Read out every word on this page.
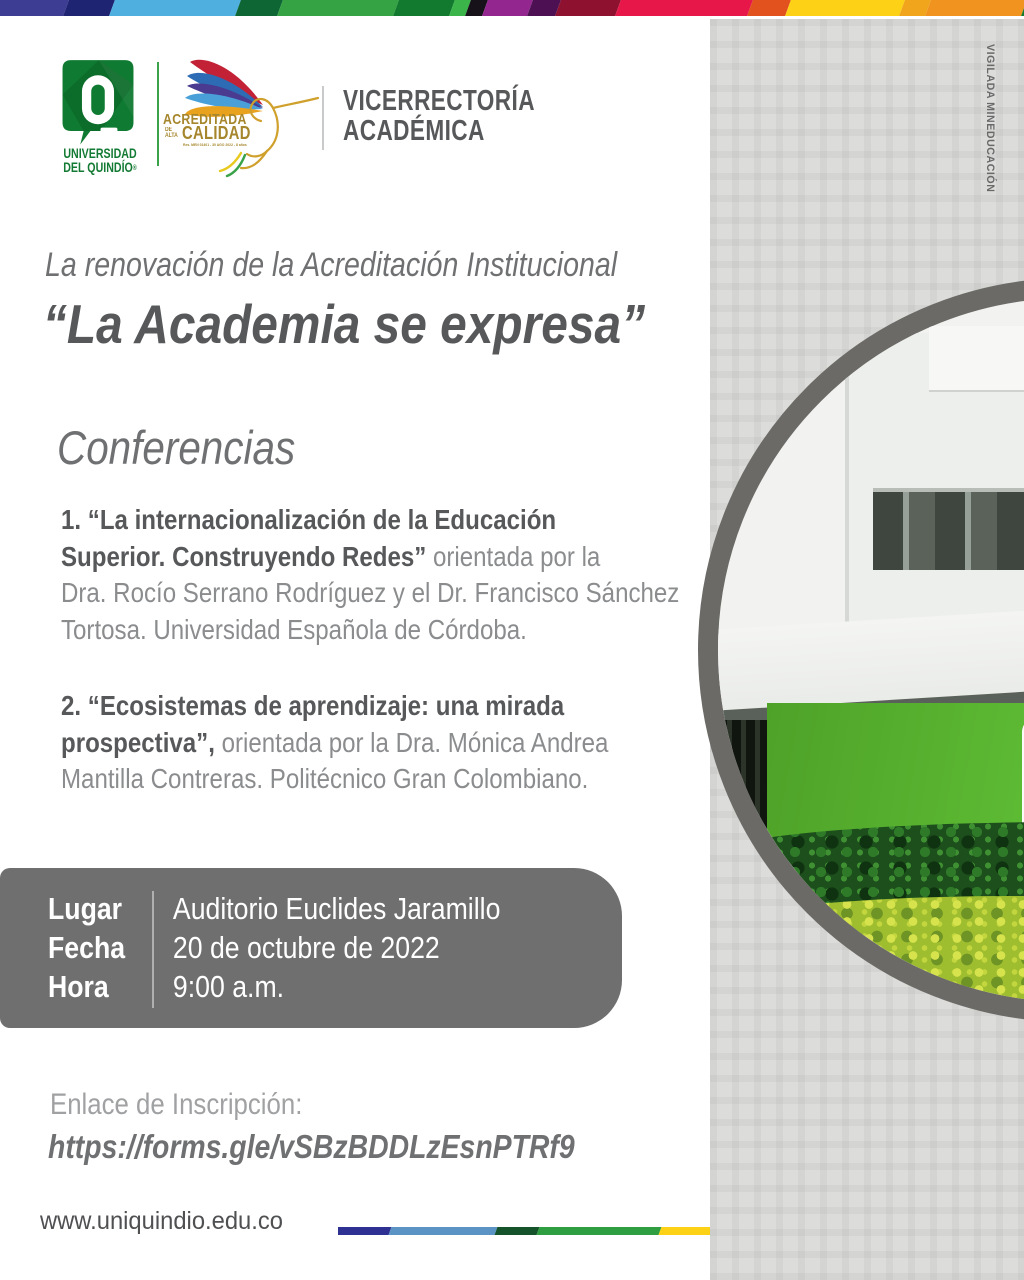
VIGILADA MINEDUCACIÓN
UNIVERSIDAD
DEL QUINDÍO®
ACREDITADA
DE
ALTA CALIDAD
Res. MEN 01401 - 30 AGO 2022 - 8 años
VICERRECTORÍA
ACADÉMICA
La renovación de la Acreditación Institucional
“La Academia se expresa”
Conferencias
1. “La internacionalización de la Educación
Superior. Construyendo Redes” orientada por la
Dra. Rocío Serrano Rodríguez y el Dr. Francisco Sánchez
Tortosa. Universidad Española de Córdoba.
2. “Ecosistemas de aprendizaje: una mirada
prospectiva”, orientada por la Dra. Mónica Andrea
Mantilla Contreras. Politécnico Gran Colombiano.
Lugar
Fecha
Hora
Auditorio Euclides Jaramillo
20 de octubre de 2022
9:00 a.m.
Enlace de Inscripción:
https://forms.gle/vSBzBDDLzEsnPTRf9
www.uniquindio.edu.co
